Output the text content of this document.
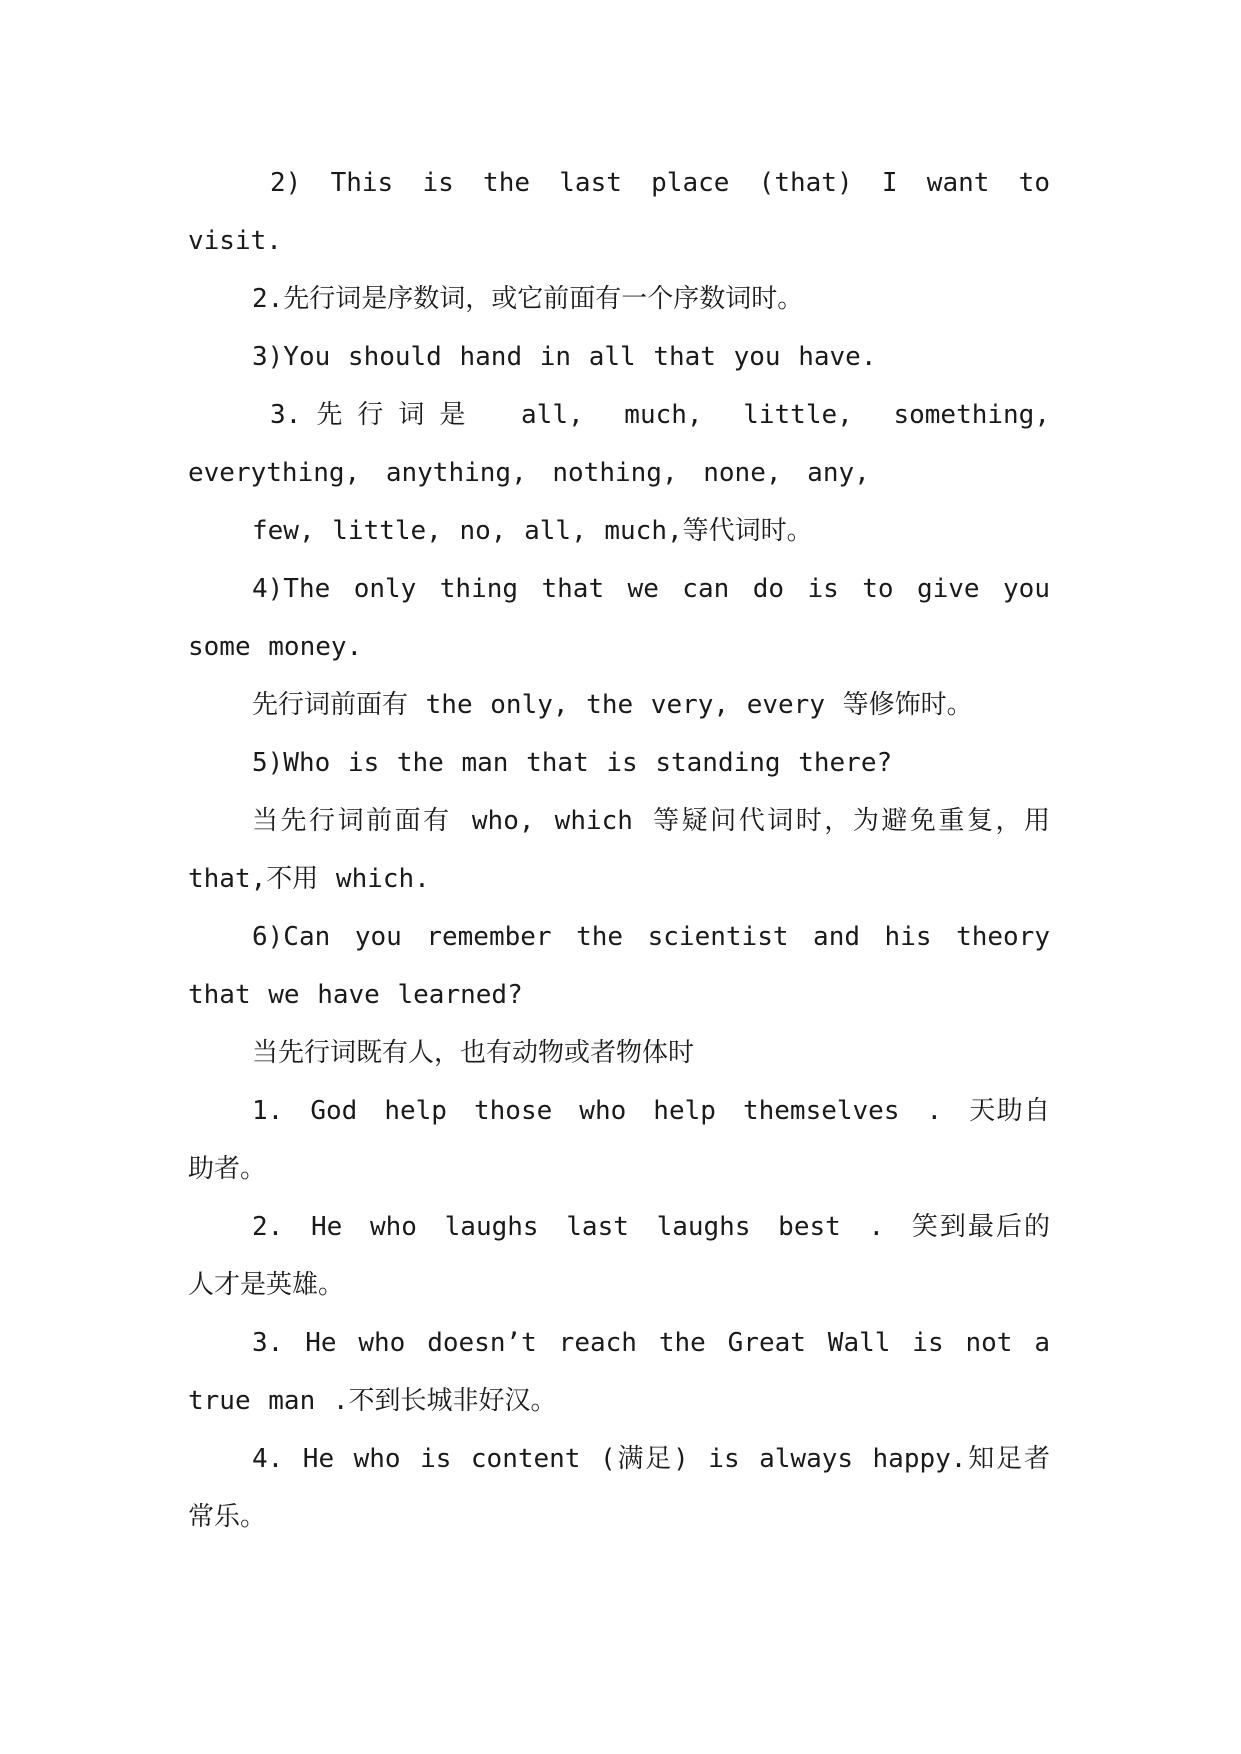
2) This is the last place (that) I want to visit.

2.先行词是序数词，或它前面有一个序数词时。

3)You should hand in all that you have.

3.先行词是 all, much, little, something, everything, anything, nothing, none, any,

few, little, no, all, much,等代词时。

4)The only thing that we can do is to give you some money.

先行词前面有 the only, the very, every 等修饰时。

5)Who is the man that is standing there?

当先行词前面有 who, which 等疑问代词时，为避免重复，用 that,不用 which.

6)Can you remember the scientist and his theory that we have learned?

当先行词既有人，也有动物或者物体时

1. God help those who help themselves . 天助自助者。

2. He who laughs last laughs best . 笑到最后的人才是英雄。

3. He who doesn’t reach the Great Wall is not a true man .不到长城非好汉。

4. He who is content (满足) is always happy.知足者常乐。
